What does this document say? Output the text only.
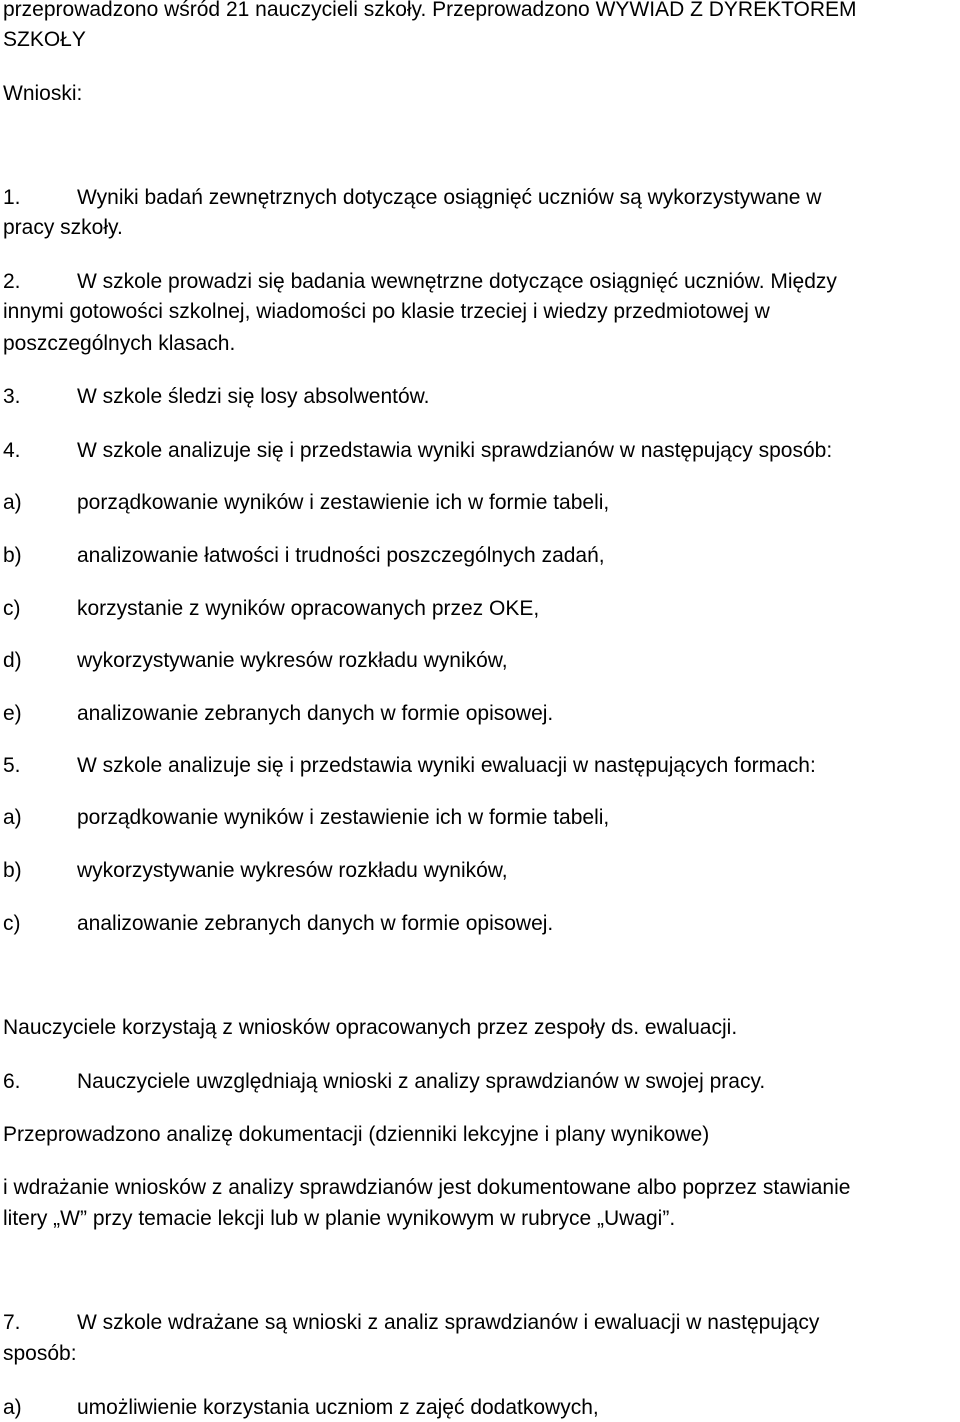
przeprowadzono wśród 21 nauczycieli szkoły. Przeprowadzono WYWIAD Z DYREKTOREM
SZKOŁY
Wnioski:
1.	Wyniki badań zewnętrznych dotyczące osiągnięć uczniów są wykorzystywane w
pracy szkoły.
2.	W szkole prowadzi się badania wewnętrzne dotyczące osiągnięć uczniów. Między
innymi gotowości szkolnej, wiadomości po klasie trzeciej i wiedzy przedmiotowej w
poszczególnych klasach.
3.	W szkole śledzi się losy absolwentów.
4.	W szkole analizuje się i przedstawia wyniki sprawdzianów w następujący sposób:
a)	porządkowanie wyników i zestawienie ich w formie tabeli,
b)	analizowanie łatwości i trudności poszczególnych zadań,
c)	korzystanie z wyników opracowanych przez OKE,
d)	wykorzystywanie wykresów rozkładu wyników,
e)	analizowanie zebranych danych w formie opisowej.
5.	W szkole analizuje się i przedstawia wyniki ewaluacji w następujących formach:
a)	porządkowanie wyników i zestawienie ich w formie tabeli,
b)	wykorzystywanie wykresów rozkładu wyników,
c)	analizowanie zebranych danych w formie opisowej.
Nauczyciele korzystają z wniosków opracowanych przez zespoły ds. ewaluacji.
6.	Nauczyciele uwzględniają wnioski z analizy sprawdzianów w swojej pracy.
Przeprowadzono analizę dokumentacji (dzienniki lekcyjne i plany wynikowe)
i wdrażanie wniosków z analizy sprawdzianów jest dokumentowane albo poprzez stawianie
litery „W” przy temacie lekcji lub w planie wynikowym w rubryce „Uwagi”.
7.	W szkole wdrażane są wnioski z analiz sprawdzianów i ewaluacji w następujący
sposób:
a)	umożliwienie korzystania uczniom z zajęć dodatkowych,
